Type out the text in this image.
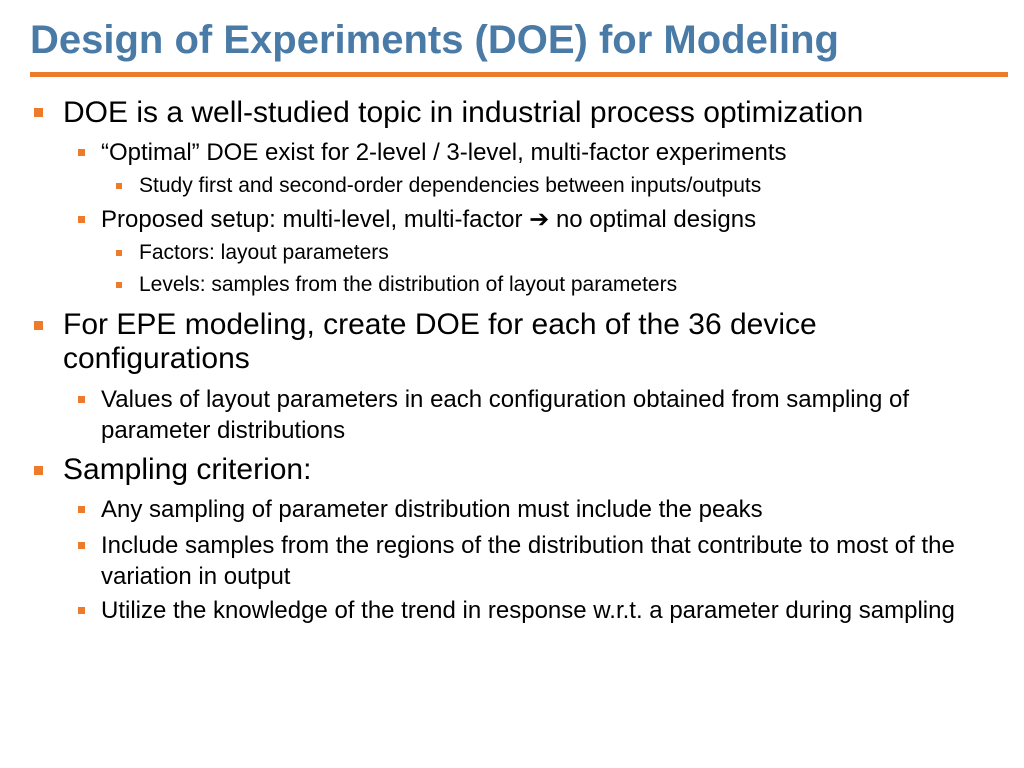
Design of Experiments (DOE) for Modeling

DOE is a well-studied topic in industrial process optimization

“Optimal” DOE exist for 2-level / 3-level, multi-factor experiments

Study first and second-order dependencies between inputs/outputs

Proposed setup: multi-level, multi-factor ➔ no optimal designs

Factors: layout parameters

Levels: samples from the distribution of layout parameters

For EPE modeling, create DOE for each of the 36 device configurations

Values of layout parameters in each configuration obtained from sampling of parameter distributions

Sampling criterion:

Any sampling of parameter distribution must include the peaks

Include samples from the regions of the distribution that contribute to most of the variation in output

Utilize the knowledge of the trend in response w.r.t. a parameter during sampling
